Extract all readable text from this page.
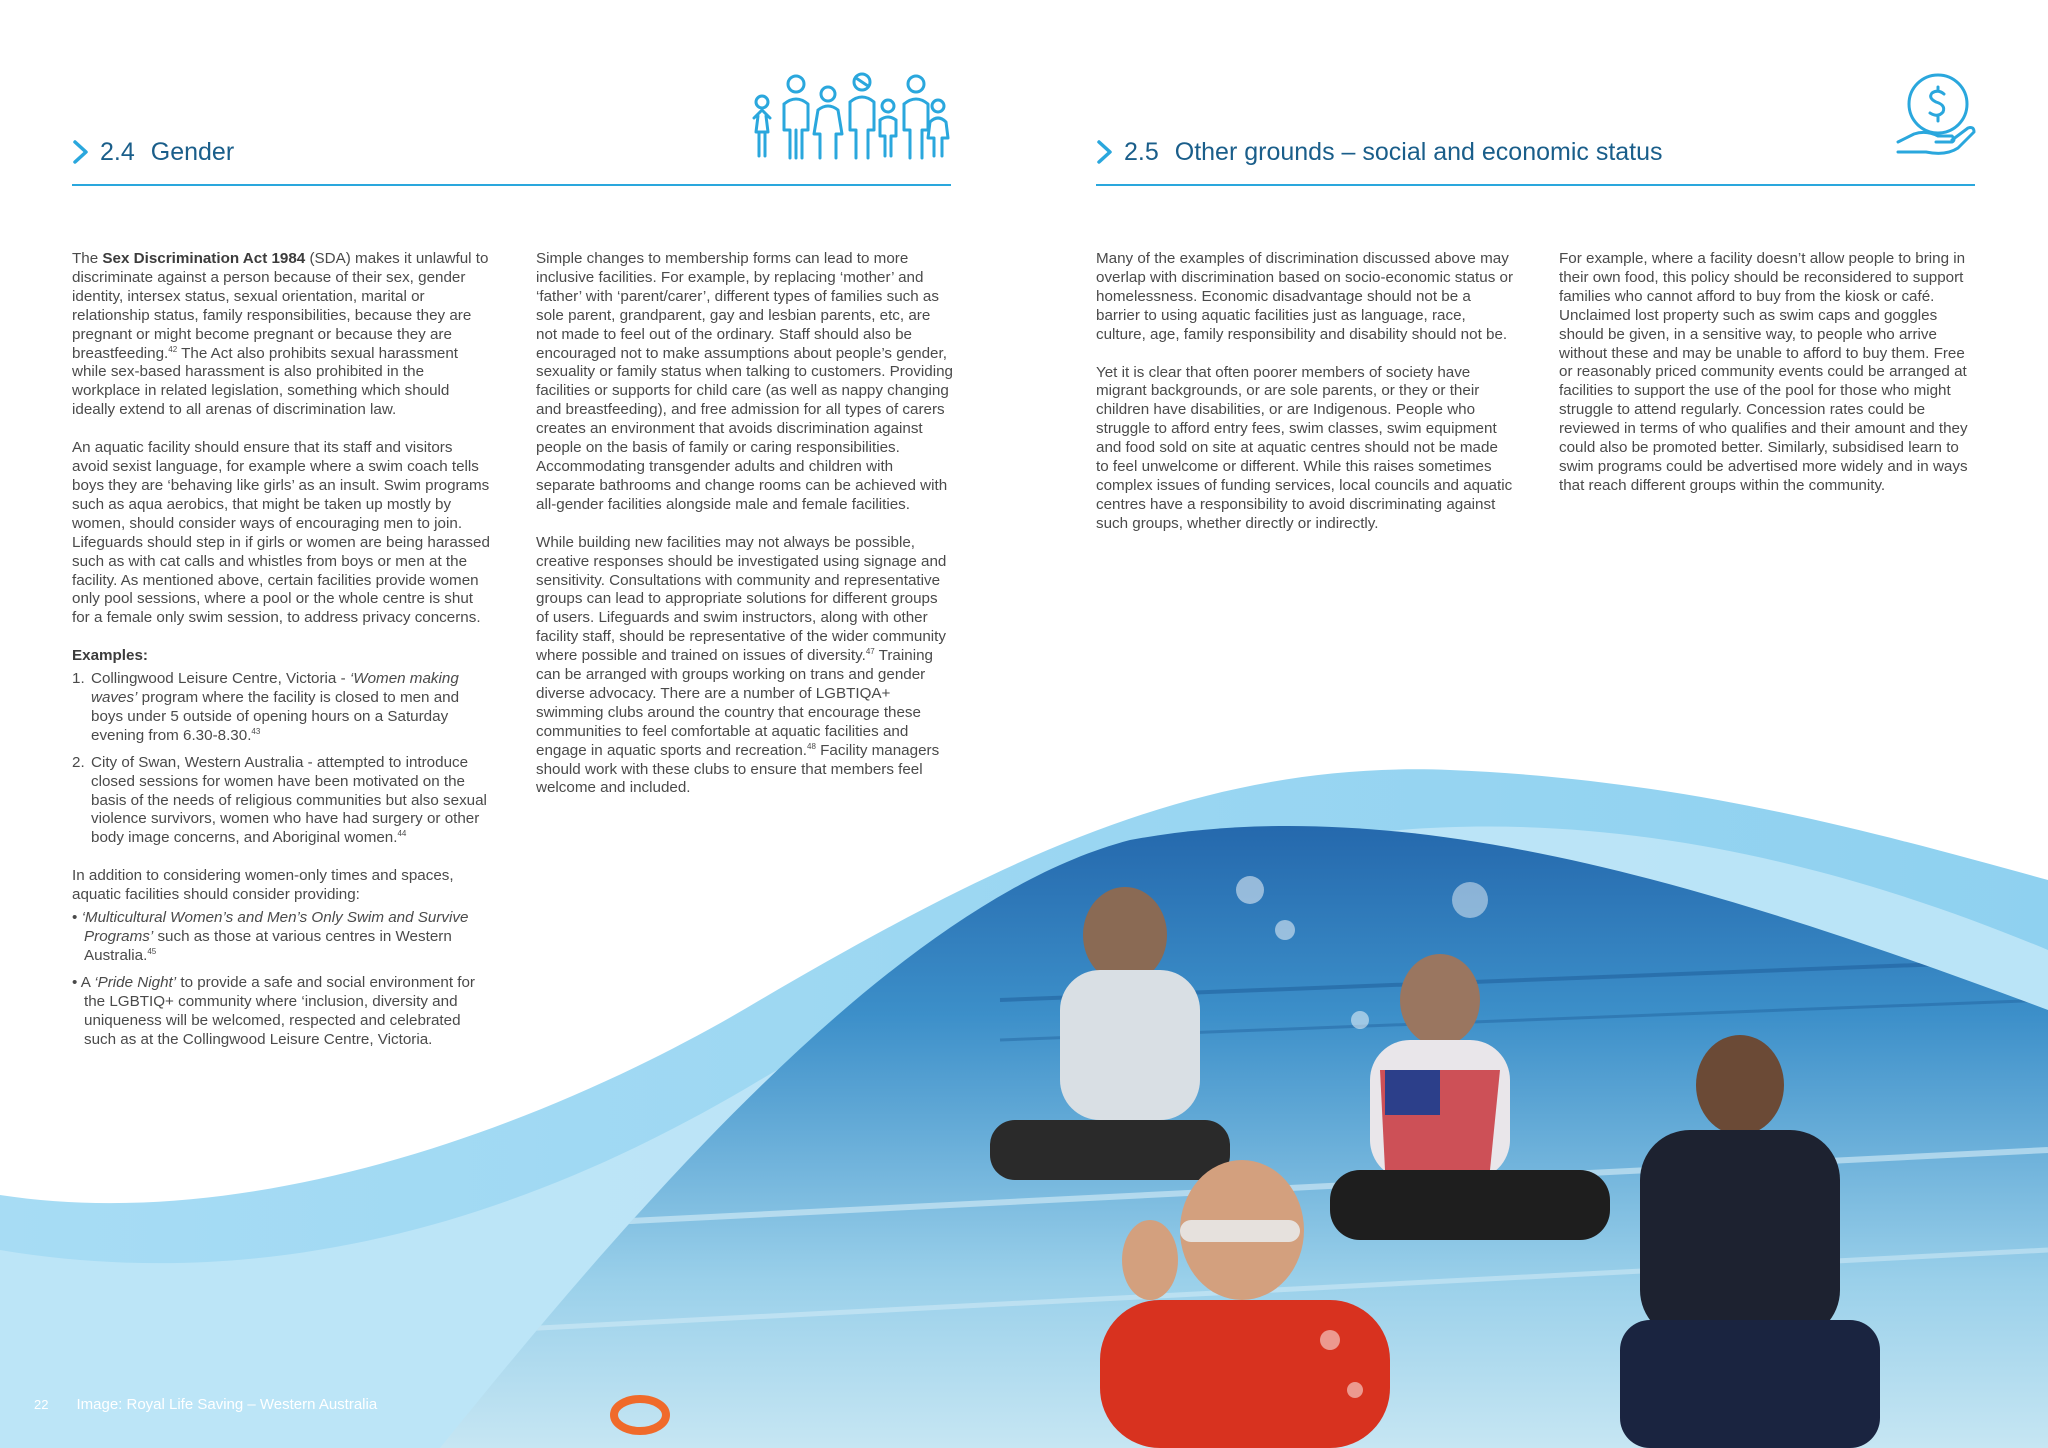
2.4 Gender	2.5 Other grounds – social and economic status

The Sex Discrimination Act 1984 (SDA) makes it unlawful to discriminate against a person because of their sex, gender identity, intersex status, sexual orientation, marital or relationship status, family responsibilities, because they are pregnant or might become pregnant or because they are breastfeeding.$^{42}$ The Act also prohibits sexual harassment while sex-based harassment is also prohibited in the workplace in related legislation, something which should ideally extend to all arenas of discrimination law.

An aquatic facility should ensure that its staff and visitors avoid sexist language, for example where a swim coach tells boys they are ‘behaving like girls’ as an insult. Swim programs such as aqua aerobics, that might be taken up mostly by women, should consider ways of encouraging men to join. Lifeguards should step in if girls or women are being harassed such as with cat calls and whistles from boys or men at the facility. As mentioned above, certain facilities provide women only pool sessions, where a pool or the whole centre is shut for a female only swim session, to address privacy concerns.

Examples:
1. Collingwood Leisure Centre, Victoria - ‘Women making waves’ program where the facility is closed to men and boys under 5 outside of opening hours on a Saturday evening from 6.30-8.30.43
2. City of Swan, Western Australia - attempted to introduce closed sessions for women have been motivated on the basis of the needs of religious communities but also sexual violence survivors, women who have had surgery or other body image concerns, and Aboriginal women.$^{44}$

In addition to considering women-only times and spaces, aquatic facilities should consider providing:

• ‘Multicultural Women’s and Men’s Only Swim and Survive Programs’ such as those at various centres in Western Australia.$^{45}$
• A ‘Pride Night’ to provide a safe and social environment for the LGBTIQ+ community where ‘inclusion, diversity and uniqueness will be welcomed, respected and celebrated such as at the Collingwood Leisure Centre, Victoria.

Simple changes to membership forms can lead to more inclusive facilities. For example, by replacing ‘mother’ and ‘father’ with ‘parent/carer’, different types of families such as sole parent, grandparent, gay and lesbian parents, etc, are not made to feel out of the ordinary. Staff should also be encouraged not to make assumptions about people’s gender, sexuality or family status when talking to customers. Providing facilities or supports for child care (as well as nappy changing and breastfeeding), and free admission for all types of carers creates an environment that avoids discrimination against people on the basis of family or caring responsibilities. Accommodating transgender adults and children with separate bathrooms and change rooms can be achieved with all-gender facilities alongside male and female facilities.

While building new facilities may not always be possible, creative responses should be investigated using signage and sensitivity. Consultations with community and representative groups can lead to appropriate solutions for different groups of users. Lifeguards and swim instructors, along with other facility staff, should be representative of the wider community where possible and trained on issues of diversity.$^{47}$ Training can be arranged with groups working on trans and gender diverse advocacy. There are a number of LGBTIQA+ swimming clubs around the country that encourage these communities to feel comfortable at aquatic facilities and engage in aquatic sports and recreation.$^{48}$ Facility managers should work with these clubs to ensure that members feel welcome and included.

Many of the examples of discrimination discussed above may overlap with discrimination based on socio-economic status or homelessness. Economic disadvantage should not be a barrier to using aquatic facilities just as language, race, culture, age, family responsibility and disability should not be.

Yet it is clear that often poorer members of society have migrant backgrounds, or are sole parents, or they or their children have disabilities, or are Indigenous. People who struggle to afford entry fees, swim classes, swim equipment and food sold on site at aquatic centres should not be made to feel unwelcome or different. While this raises sometimes complex issues of funding services, local councils and aquatic centres have a responsibility to avoid discriminating against such groups, whether directly or indirectly.

For example, where a facility doesn’t allow people to bring in their own food, this policy should be reconsidered to support families who cannot afford to buy from the kiosk or café. Unclaimed lost property such as swim caps and goggles should be given, in a sensitive way, to people who arrive without these and may be unable to afford to buy them. Free or reasonably priced community events could be arranged at facilities to support the use of the pool for those who might struggle to attend regularly. Concession rates could be reviewed in terms of who qualifies and their amount and they could also be promoted better. Similarly, subsidised learn to swim programs could be advertised more widely and in ways that reach different groups within the community.

22 Image: Royal Life Saving – Western Australia
